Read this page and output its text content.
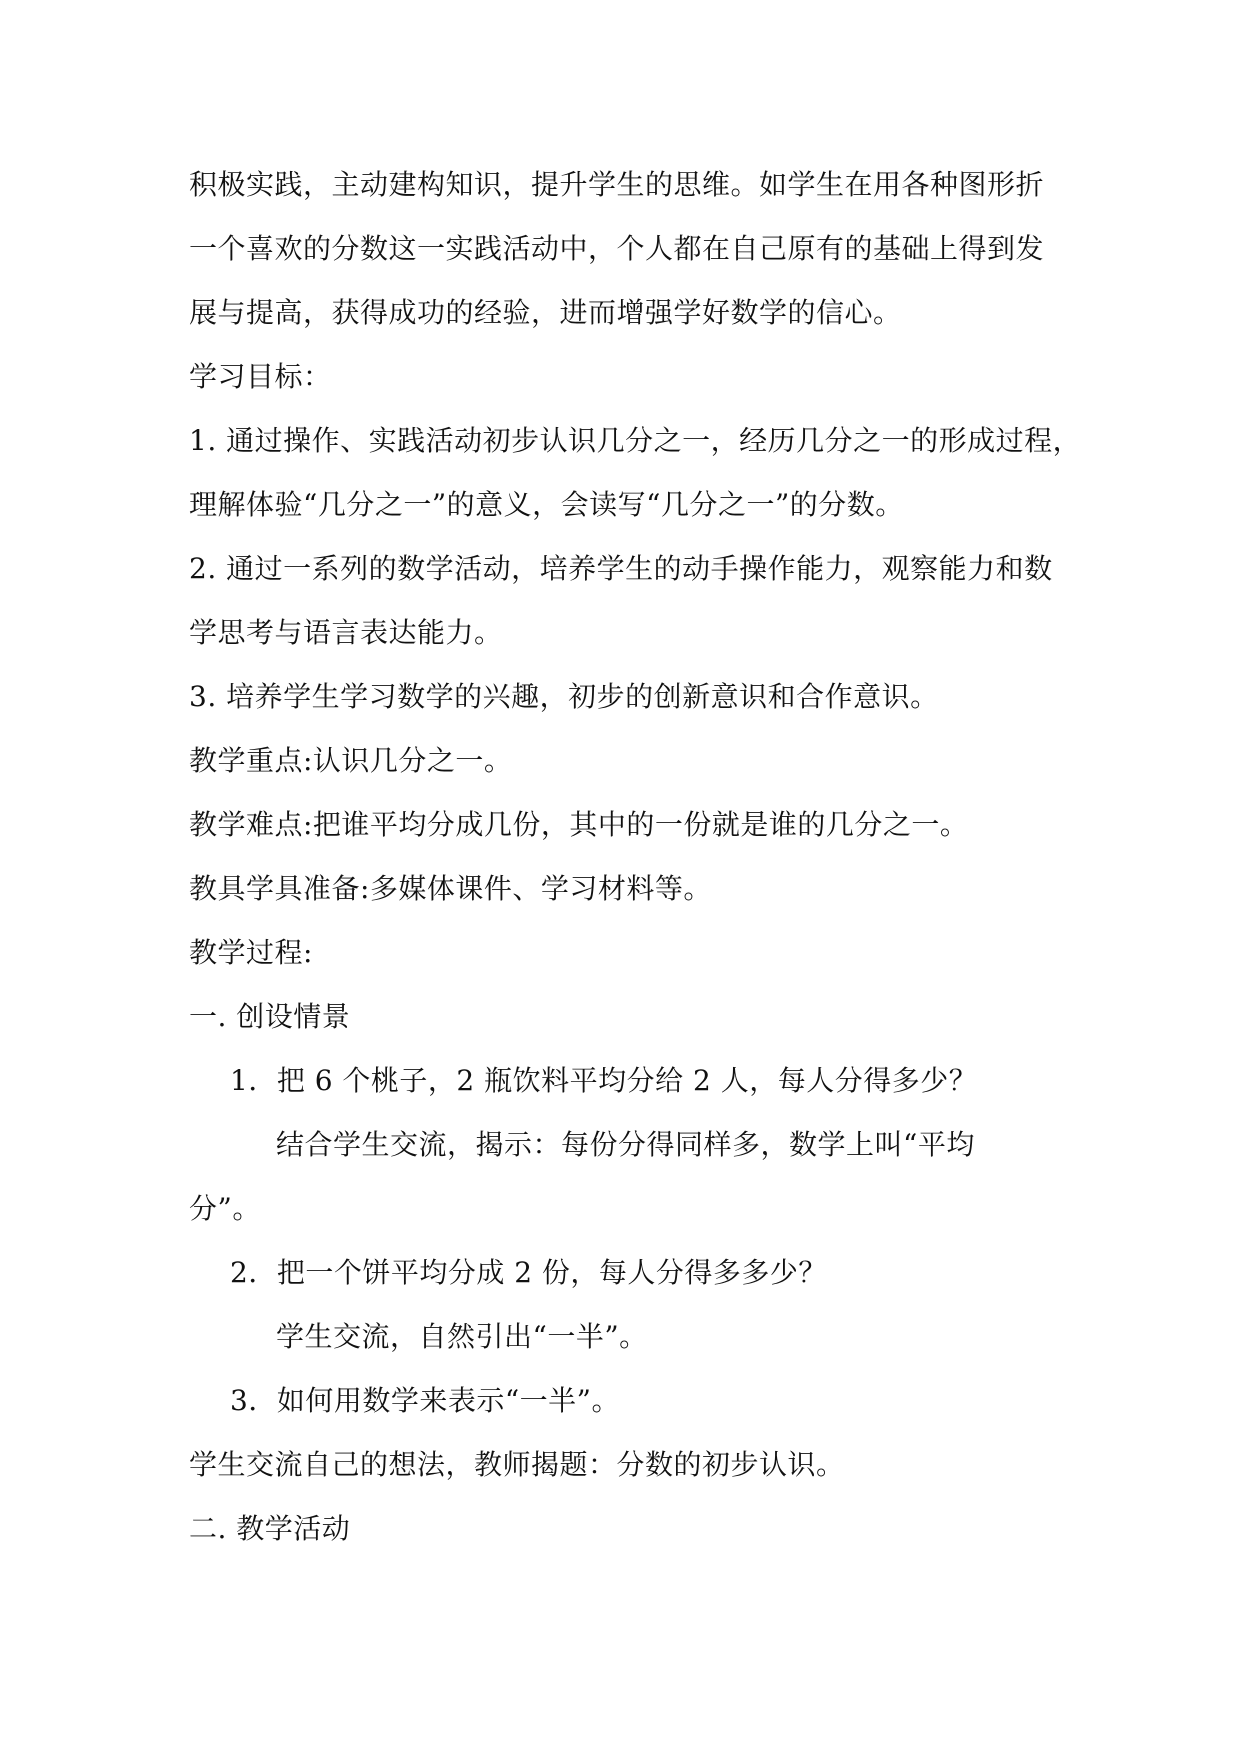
积极实践，主动建构知识，提升学生的思维。如学生在用各种图形折
一个喜欢的分数这一实践活动中，个人都在自己原有的基础上得到发
展与提高，获得成功的经验，进而增强学好数学的信心。
学习目标：
1. 通过操作、实践活动初步认识几分之一，经历几分之一的形成过程，
理解体验“几分之一”的意义，会读写“几分之一”的分数。
2. 通过一系列的数学活动，培养学生的动手操作能力，观察能力和数
学思考与语言表达能力。
3. 培养学生学习数学的兴趣，初步的创新意识和合作意识。
教学重点:认识几分之一。
教学难点:把谁平均分成几份，其中的一份就是谁的几分之一。
教具学具准备:多媒体课件、学习材料等。
教学过程:
一. 创设情景
1．把 6 个桃子，2 瓶饮料平均分给 2 人，每人分得多少？
结合学生交流，揭示：每份分得同样多，数学上叫“平均
分”。
2．把一个饼平均分成 2 份，每人分得多多少？
学生交流，自然引出“一半”。
3．如何用数学来表示“一半”。
学生交流自己的想法，教师揭题：分数的初步认识。
二. 教学活动
